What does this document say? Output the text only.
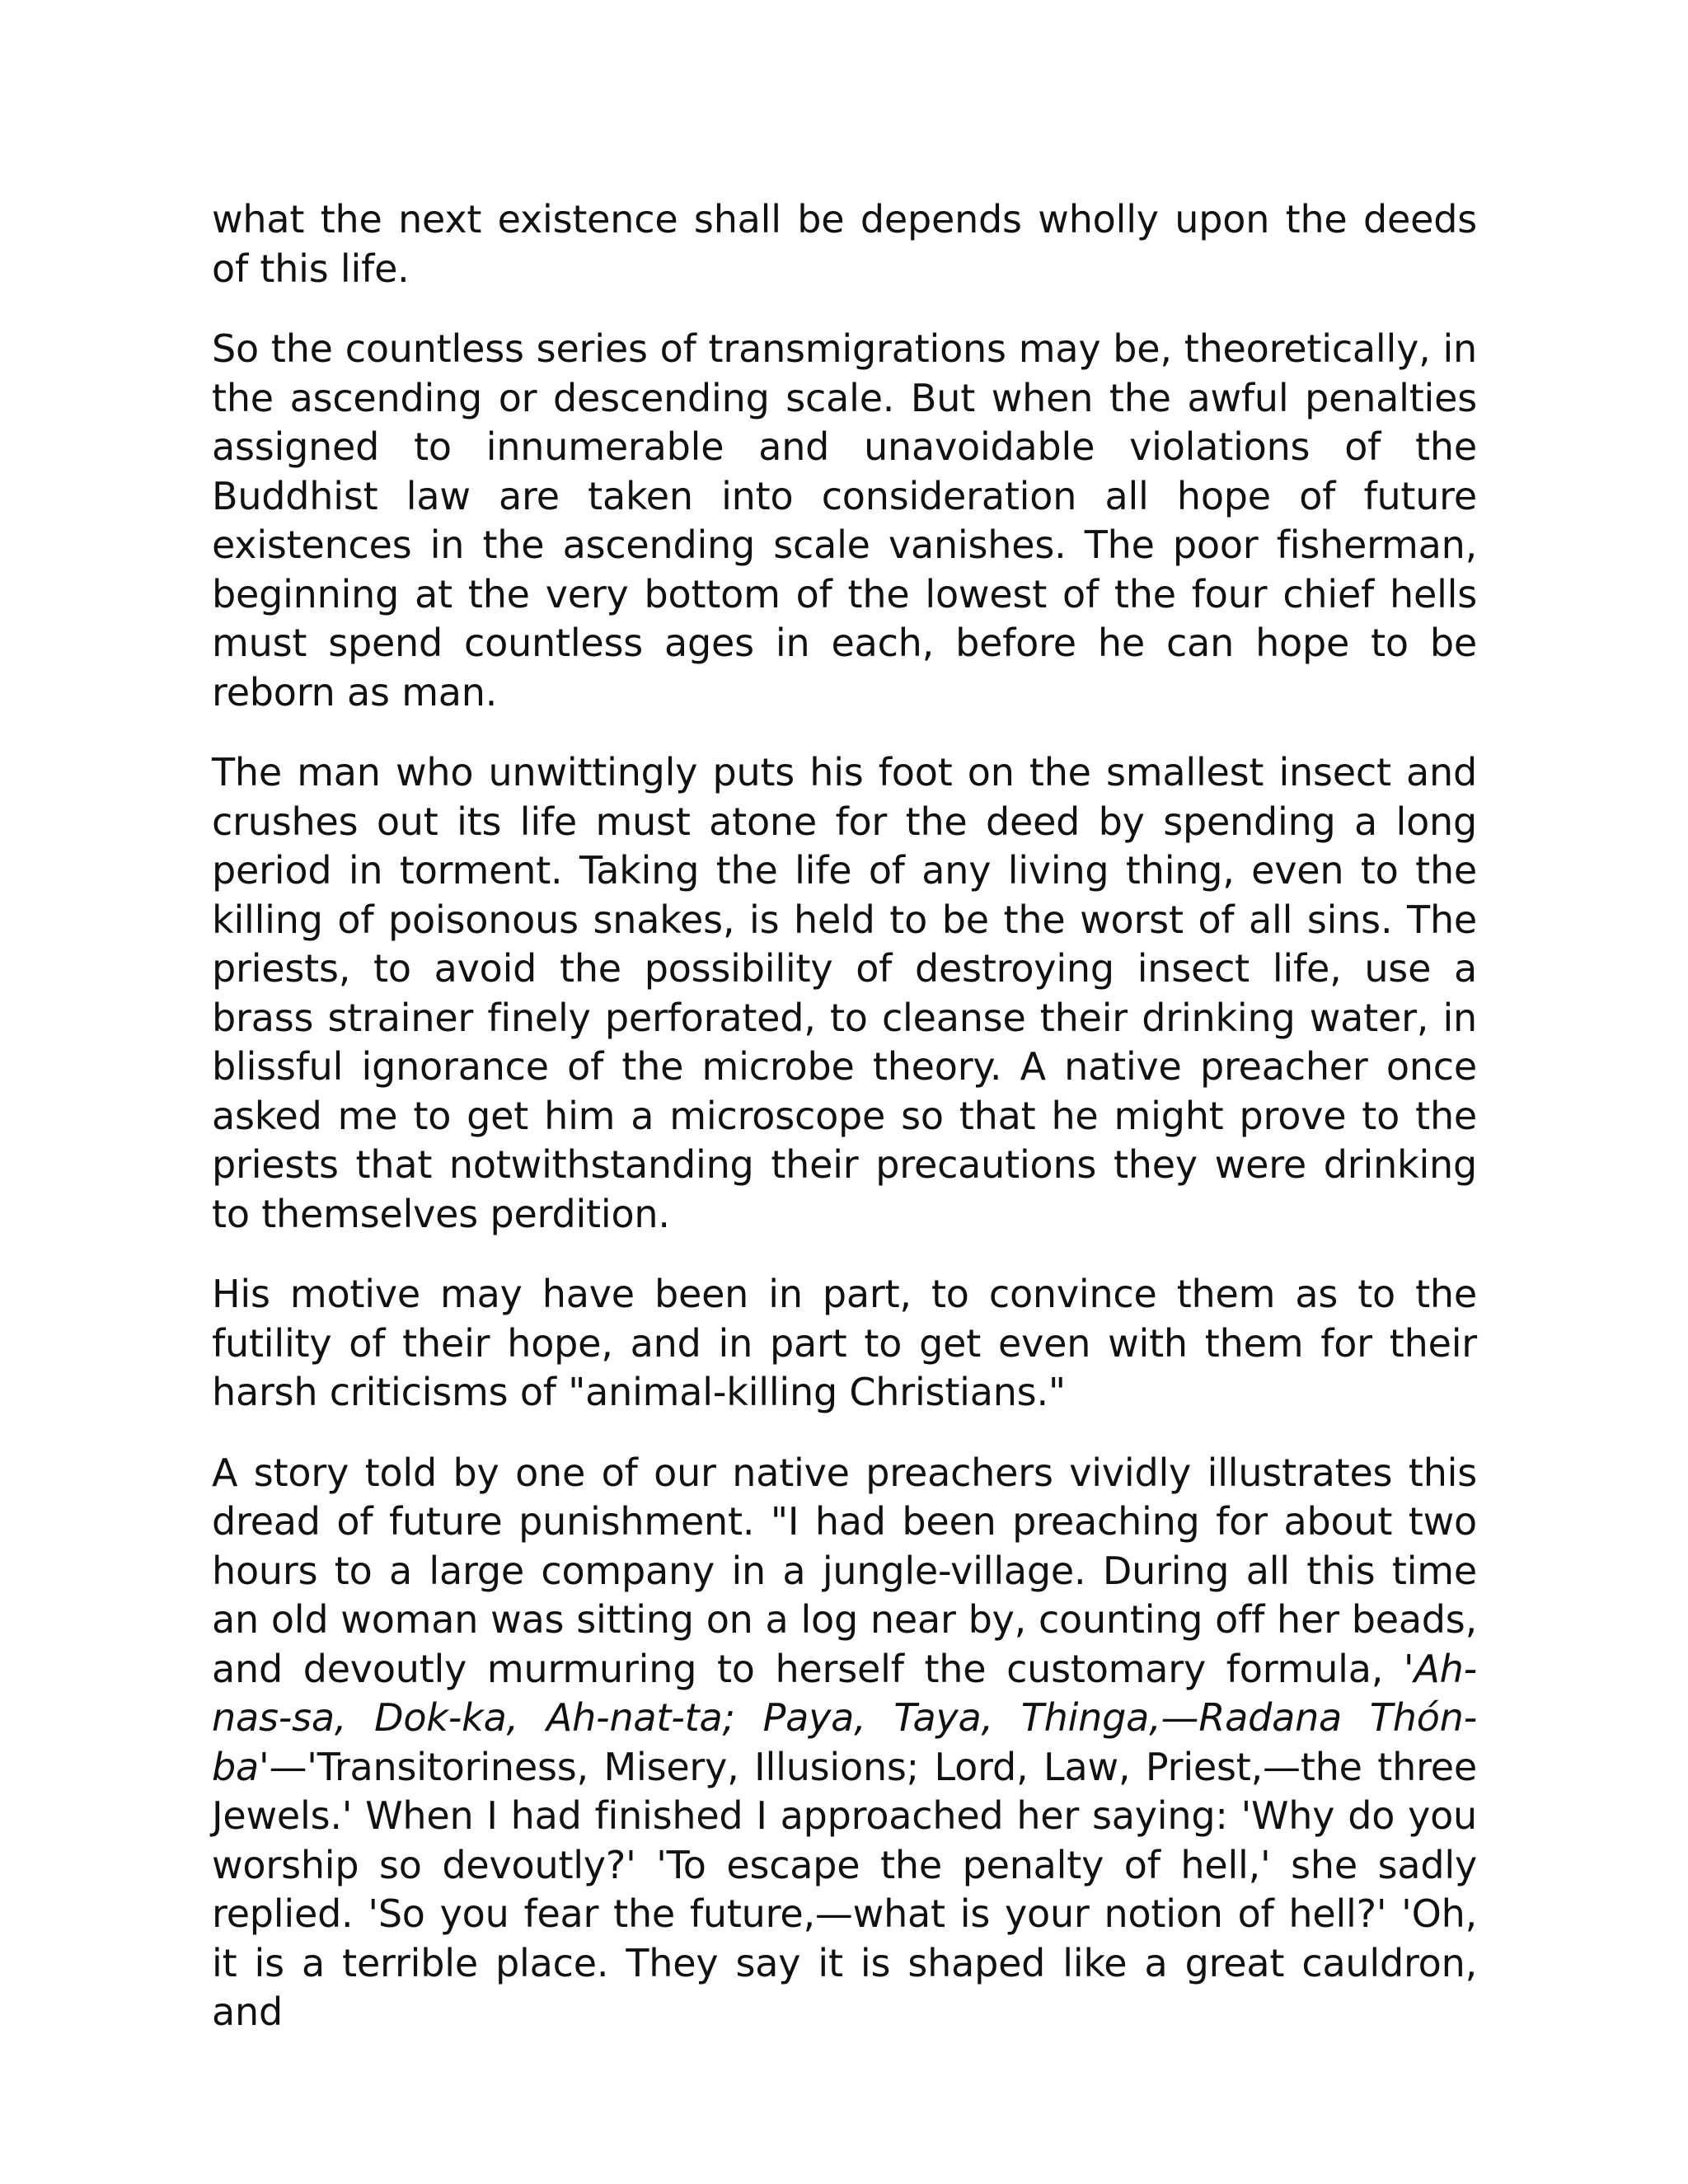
what the next existence shall be depends wholly upon the deeds of this life.

So the countless series of transmigrations may be, theoretically, in the ascending or descending scale. But when the awful penalties assigned to innumerable and unavoidable violations of the Buddhist law are taken into consideration all hope of future existences in the ascending scale vanishes. The poor fisherman, beginning at the very bottom of the lowest of the four chief hells must spend countless ages in each, before he can hope to be reborn as man.

The man who unwittingly puts his foot on the smallest insect and crushes out its life must atone for the deed by spending a long period in torment. Taking the life of any living thing, even to the killing of poisonous snakes, is held to be the worst of all sins. The priests, to avoid the possibility of destroying insect life, use a brass strainer finely perforated, to cleanse their drinking water, in blissful ignorance of the microbe theory. A native preacher once asked me to get him a microscope so that he might prove to the priests that notwithstanding their precautions they were drinking to themselves perdition.

His motive may have been in part, to convince them as to the futility of their hope, and in part to get even with them for their harsh criticisms of "animal-killing Christians."

A story told by one of our native preachers vividly illustrates this dread of future punishment. "I had been preaching for about two hours to a large company in a jungle-village. During all this time an old woman was sitting on a log near by, counting off her beads, and devoutly murmuring to herself the customary formula, 'Ah-nas-sa, Dok-ka, Ah-nat-ta; Paya, Taya, Thinga,—Radana Thón-ba'—'Transitoriness, Misery, Illusions; Lord, Law, Priest,—the three Jewels.' When I had finished I approached her saying: 'Why do you worship so devoutly?' 'To escape the penalty of hell,' she sadly replied. 'So you fear the future,—what is your notion of hell?' 'Oh, it is a terrible place. They say it is shaped like a great cauldron, and
